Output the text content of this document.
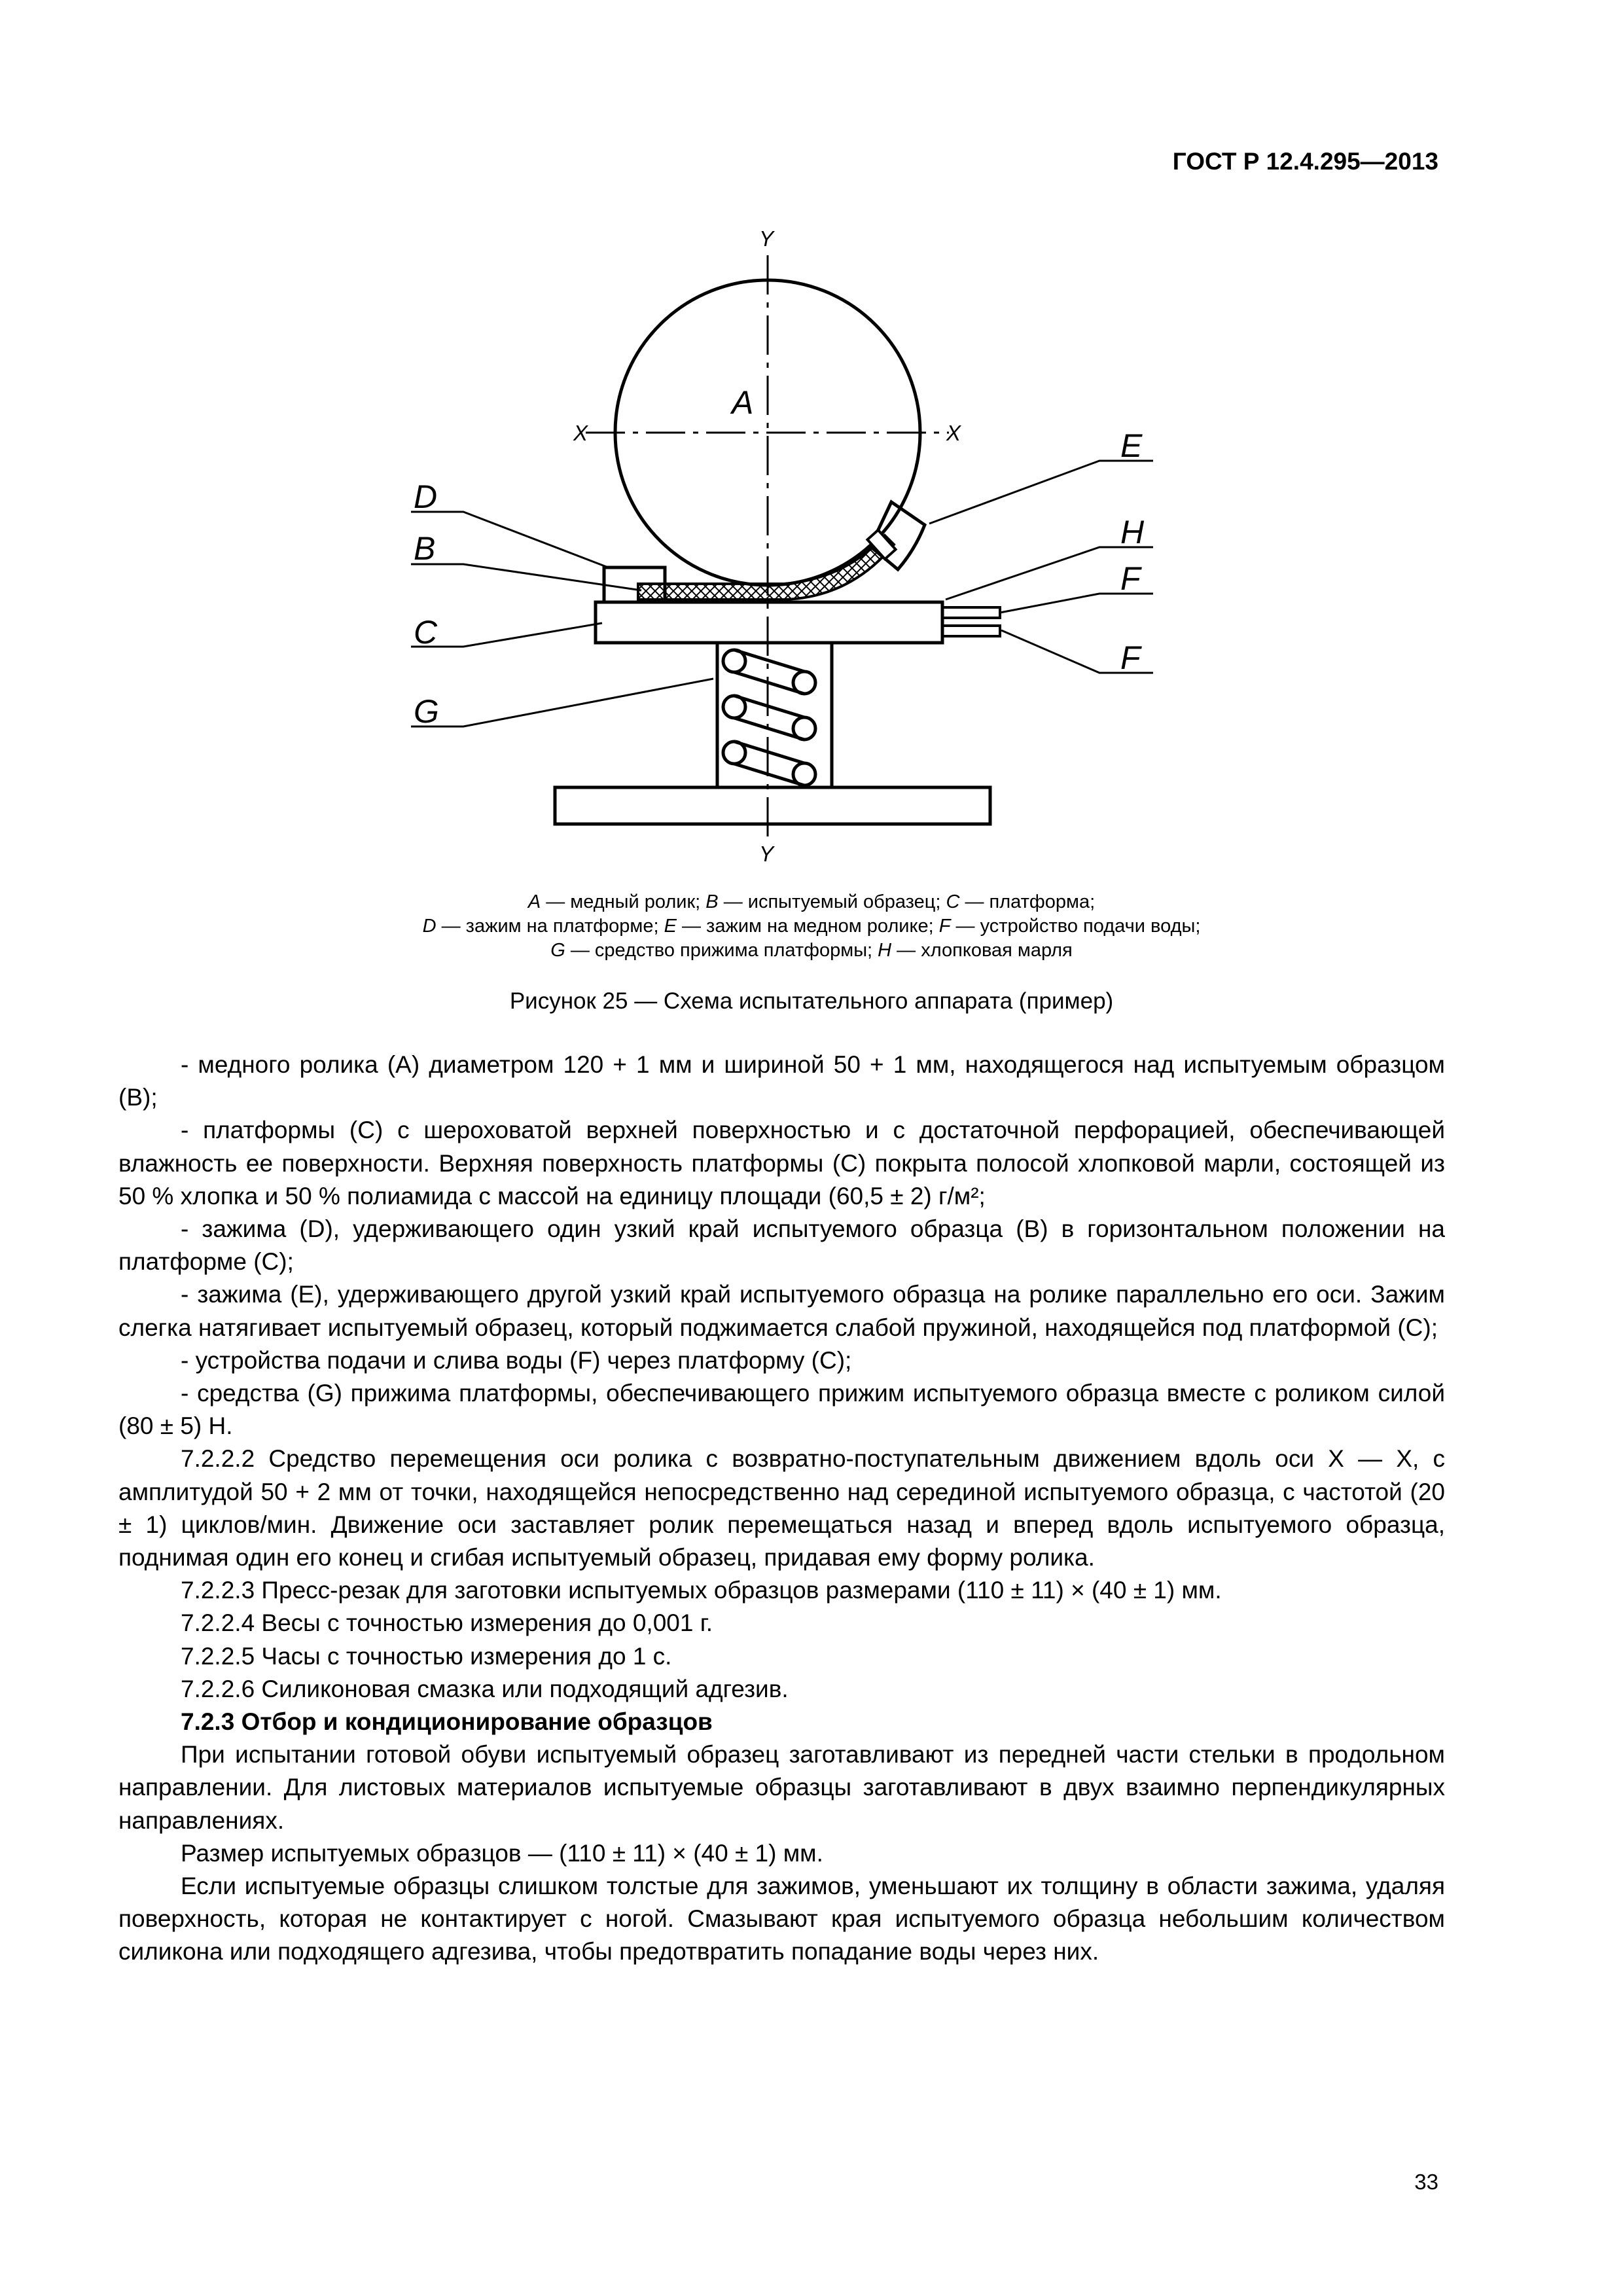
ГОСТ Р 12.4.295—2013
Y
Y
X	X
A
D
B
C
G
E
H
F
F
A — медный ролик; B — испытуемый образец; C — платформа;
D — зажим на платформе; E — зажим на медном ролике; F — устройство подачи воды;
G — средство прижима платформы; H — хлопковая марля
Рисунок 25 — Схема испытательного аппарата (пример)

- медного ролика (A) диаметром 120 + 1 мм и шириной 50 + 1 мм, находящегося над испытуемым образцом (B);

- платформы (C) с шероховатой верхней поверхностью и с достаточной перфорацией, обеспечивающей влажность ее поверхности. Верхняя поверхность платформы (C) покрыта полосой хлопковой марли, состоящей из 50 % хлопка и 50 % полиамида с массой на единицу площади (60,5 ± 2) г/м²;

- зажима (D), удерживающего один узкий край испытуемого образца (B) в горизонтальном положении на платформе (C);

- зажима (E), удерживающего другой узкий край испытуемого образца на ролике параллельно его оси. Зажим слегка натягивает испытуемый образец, который поджимается слабой пружиной, находящейся под платформой (C);

- устройства подачи и слива воды (F) через платформу (C);

- средства (G) прижима платформы, обеспечивающего прижим испытуемого образца вместе с роликом силой (80 ± 5) Н.

7.2.2.2 Средство перемещения оси ролика с возвратно-поступательным движением вдоль оси X — X, с амплитудой 50 + 2 мм от точки, находящейся непосредственно над серединой испытуемого образца, с частотой (20 ± 1) циклов/мин. Движение оси заставляет ролик перемещаться назад и вперед вдоль испытуемого образца, поднимая один его конец и сгибая испытуемый образец, придавая ему форму ролика.

7.2.2.3 Пресс-резак для заготовки испытуемых образцов размерами (110 ± 11) × (40 ± 1) мм.

7.2.2.4 Весы с точностью измерения до 0,001 г.

7.2.2.5 Часы с точностью измерения до 1 с.

7.2.2.6 Силиконовая смазка или подходящий адгезив.

7.2.3 Отбор и кондиционирование образцов

При испытании готовой обуви испытуемый образец заготавливают из передней части стельки в продольном направлении. Для листовых материалов испытуемые образцы заготавливают в двух взаимно перпендикулярных направлениях.

Размер испытуемых образцов — (110 ± 11) × (40 ± 1) мм.

Если испытуемые образцы слишком толстые для зажимов, уменьшают их толщину в области зажима, удаляя поверхность, которая не контактирует с ногой. Смазывают края испытуемого образца небольшим количеством силикона или подходящего адгезива, чтобы предотвратить попадание воды через них.

33
